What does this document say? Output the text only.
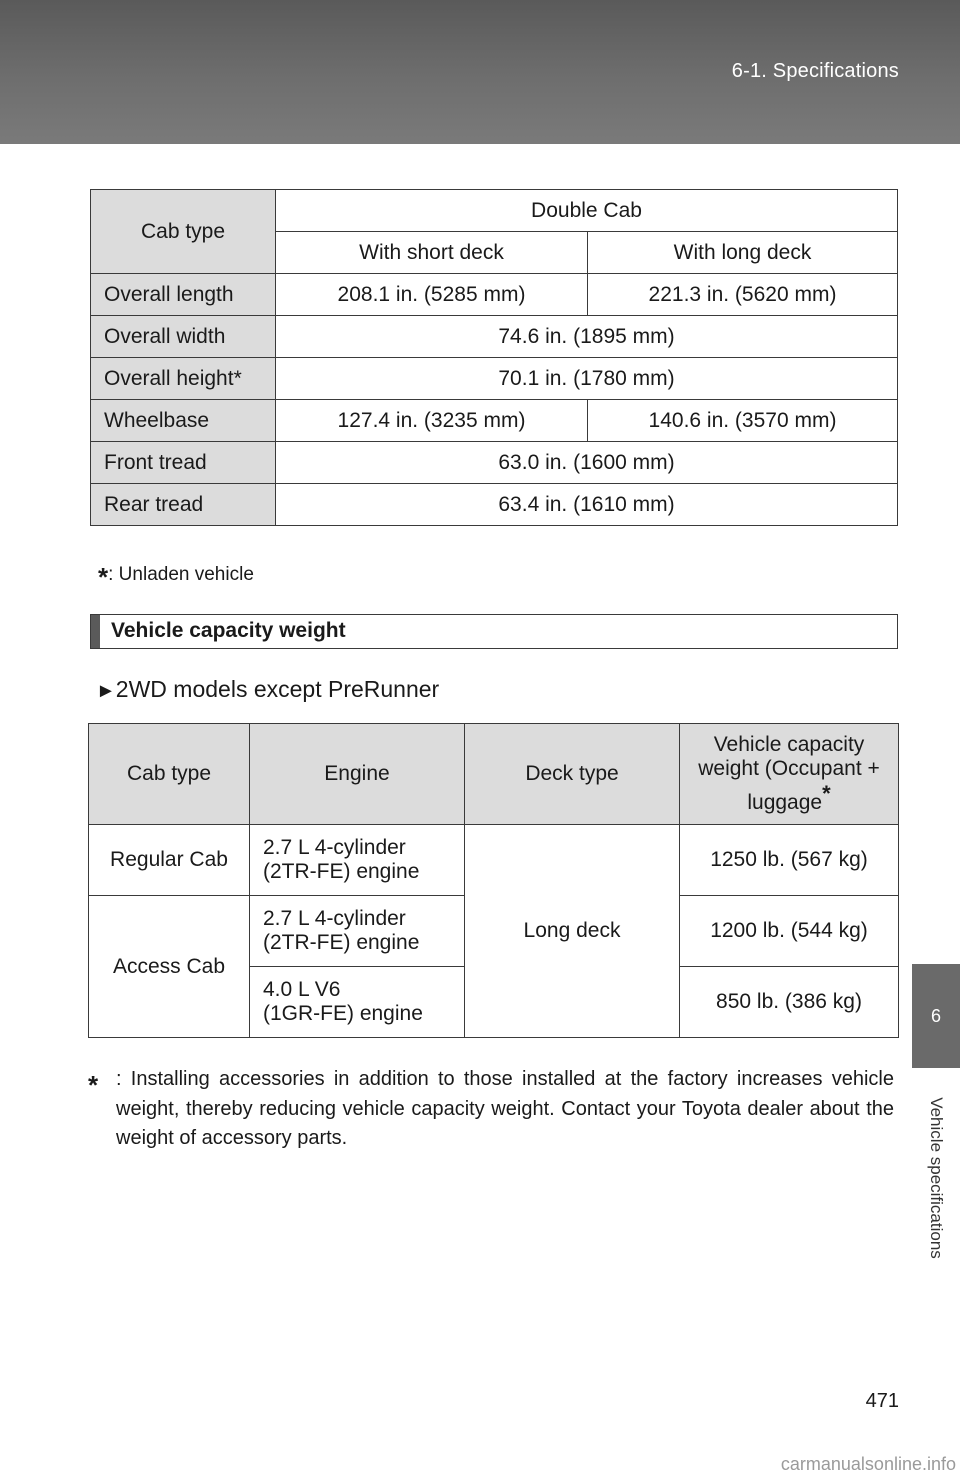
6-1. Specifications
6
Vehicle specifications
Cab type	Double Cab	
	With short deck	With long deck
Overall length	208.1 in. (5285 mm)	221.3 in. (5620 mm)
Overall width	74.6 in. (1895 mm)	
Overall height*	70.1 in. (1780 mm)	
Wheelbase	127.4 in. (3235 mm)	140.6 in. (3570 mm)
Front tread	63.0 in. (1600 mm)	
Rear tread	63.4 in. (1610 mm)	
*: Unladen vehicle
Vehicle capacity weight
►2WD models except PreRunner
Cab type	Engine	Deck type	Vehicle capacity
weight (Occupant +
luggage*

Regular Cab	2.7 L 4-cylinder
(2TR-FE) engine	Long deck	1250 lb. (567 kg)
Access Cab	2.7 L 4-cylinder
(2TR-FE) engine		1200 lb. (544 kg)

	4.0 L V6
(1GR-FE) engine		850 lb. (386 kg)
* : Installing accessories in addition to those installed at the factory increases vehicle weight, thereby reducing vehicle capacity weight. Contact your Toyota dealer about the weight of accessory parts.
471
carmanualsonline.info
